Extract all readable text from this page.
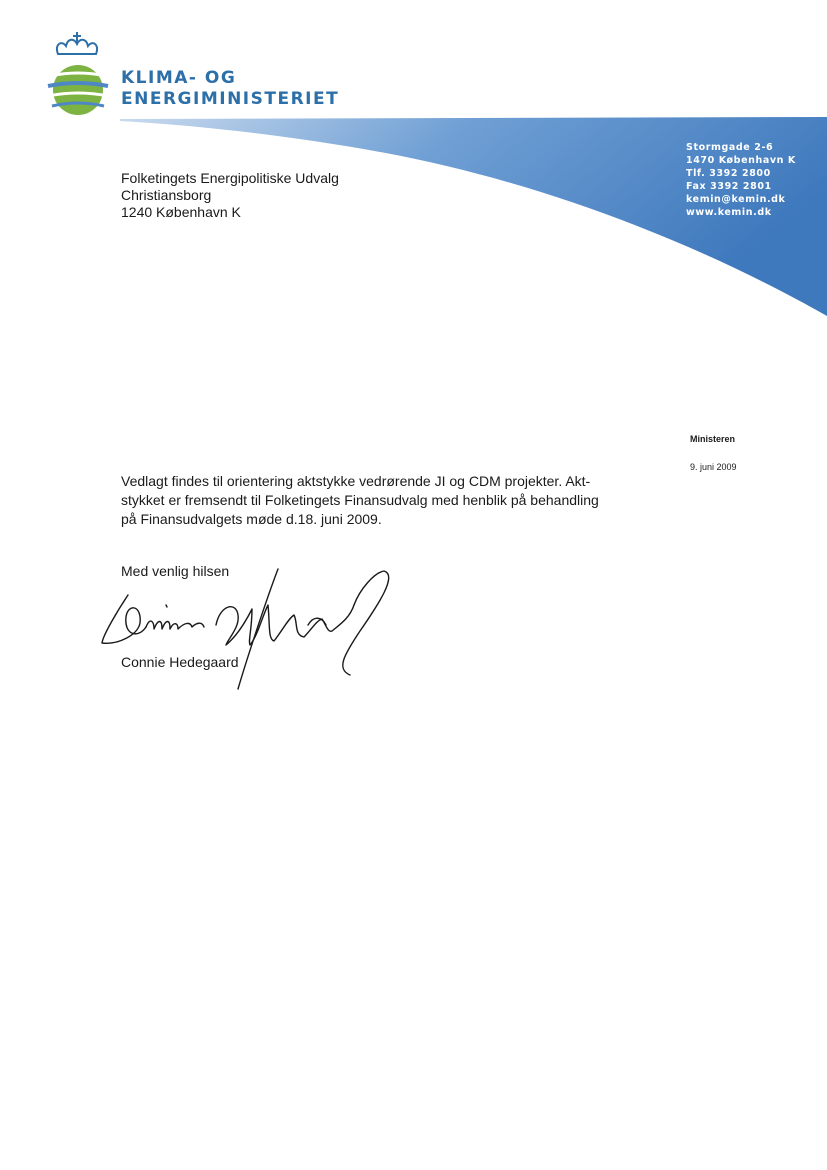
KLIMA- OG
ENERGIMINISTERIET
Stormgade 2-6
1470 København K
Tlf. 3392 2800
Fax 3392 2801
kemin@kemin.dk
www.kemin.dk
Folketingets Energipolitiske Udvalg
Christiansborg
1240 København K
Ministeren
9. juni 2009
Vedlagt findes til orientering aktstykke vedrørende JI og CDM projekter. Akt-
stykket er fremsendt til Folketingets Finansudvalg med henblik på behandling
på Finansudvalgets møde d.18. juni 2009.
Med venlig hilsen
Connie Hedegaard
